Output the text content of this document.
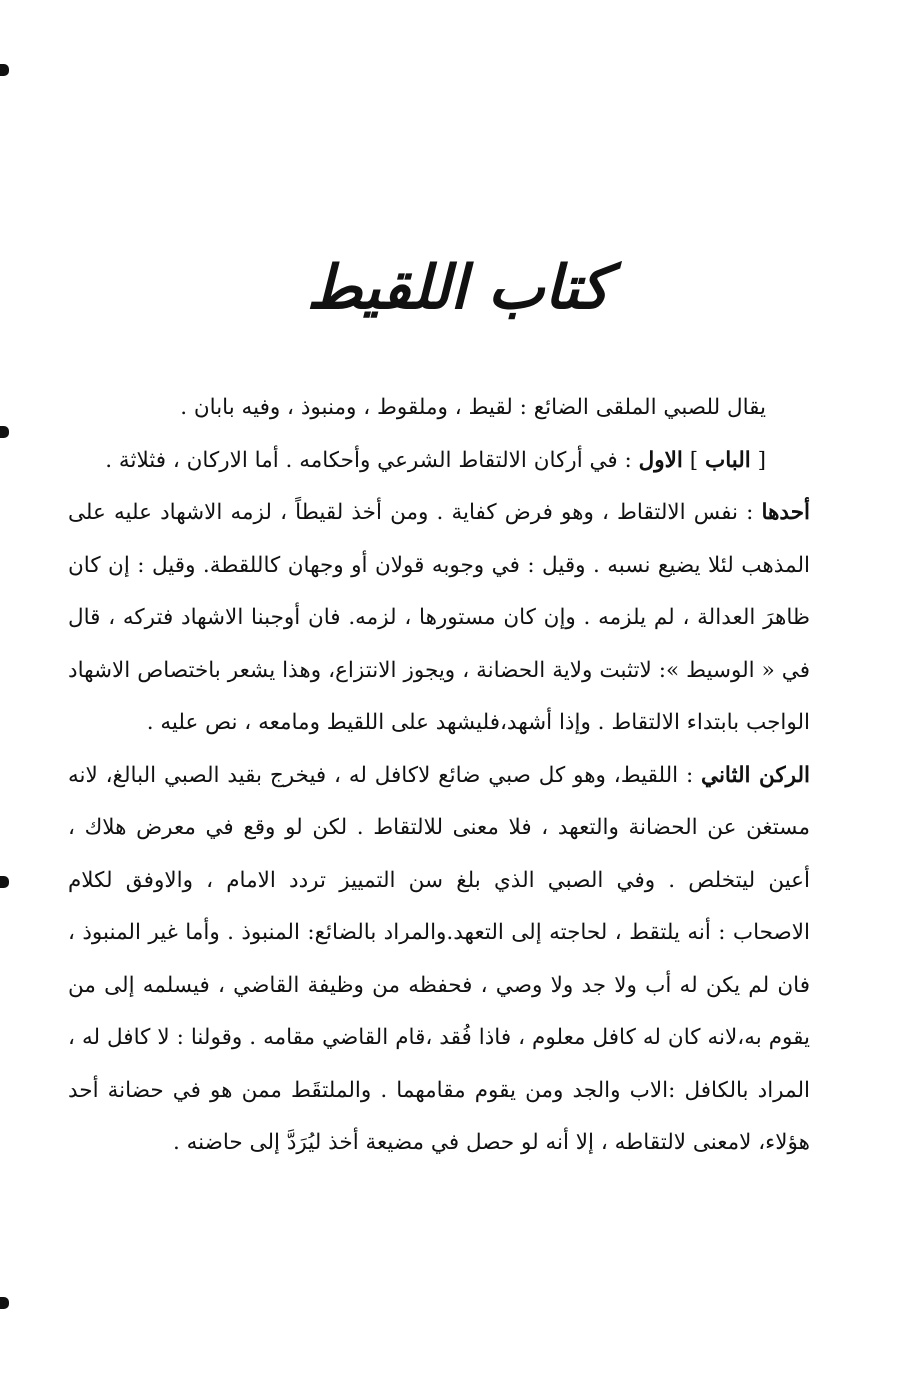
كتاب اللقيط

يقال للصبي الملقى الضائع : لقيط ، وملقوط ، ومنبوذ ، وفيه بابان .

[ الباب ] الاول : في أركان الالتقاط الشرعي وأحكامه . أما الاركان ، فثلاثة .

أحدها : نفس الالتقاط ، وهو فرض كفاية . ومن أخذ لقيطاً ، لزمه الاشهاد عليه على المذهب لئلا يضيع نسبه . وقيل : في وجوبه قولان أو وجهان كاللقطة. وقيل : إن كان ظاهرَ العدالة ، لم يلزمه . وإن كان مستورها ، لزمه. فان أوجبنا الاشهاد فتركه ، قال في « الوسيط »: لاتثبت ولاية الحضانة ، ويجوز الانتزاع، وهذا يشعر باختصاص الاشهاد الواجب بابتداء الالتقاط . وإذا أشهد،فليشهد على اللقيط ومامعه ، نص عليه .

الركن الثاني : اللقيط، وهو كل صبي ضائع لاكافل له ، فيخرج بقيد الصبي البالغ، لانه مستغن عن الحضانة والتعهد ، فلا معنى للالتقاط . لكن لو وقع في معرض هلاك ، أعين ليتخلص . وفي الصبي الذي بلغ سن التمييز تردد الامام ، والاوفق لكلام الاصحاب : أنه يلتقط ، لحاجته إلى التعهد.والمراد بالضائع: المنبوذ . وأما غير المنبوذ ، فان لم يكن له أب ولا جد ولا وصي ، فحفظه من وظيفة القاضي ، فيسلمه إلى من يقوم به،لانه كان له كافل معلوم ، فاذا فُقد ،قام القاضي مقامه . وقولنا : لا كافل له ، المراد بالكافل :الاب والجد ومن يقوم مقامهما . والملتقَط ممن هو في حضانة أحد هؤلاء، لامعنى لالتقاطه ، إلا أنه لو حصل في مضيعة أخذ ليُرَدَّ إلى حاضنه .
